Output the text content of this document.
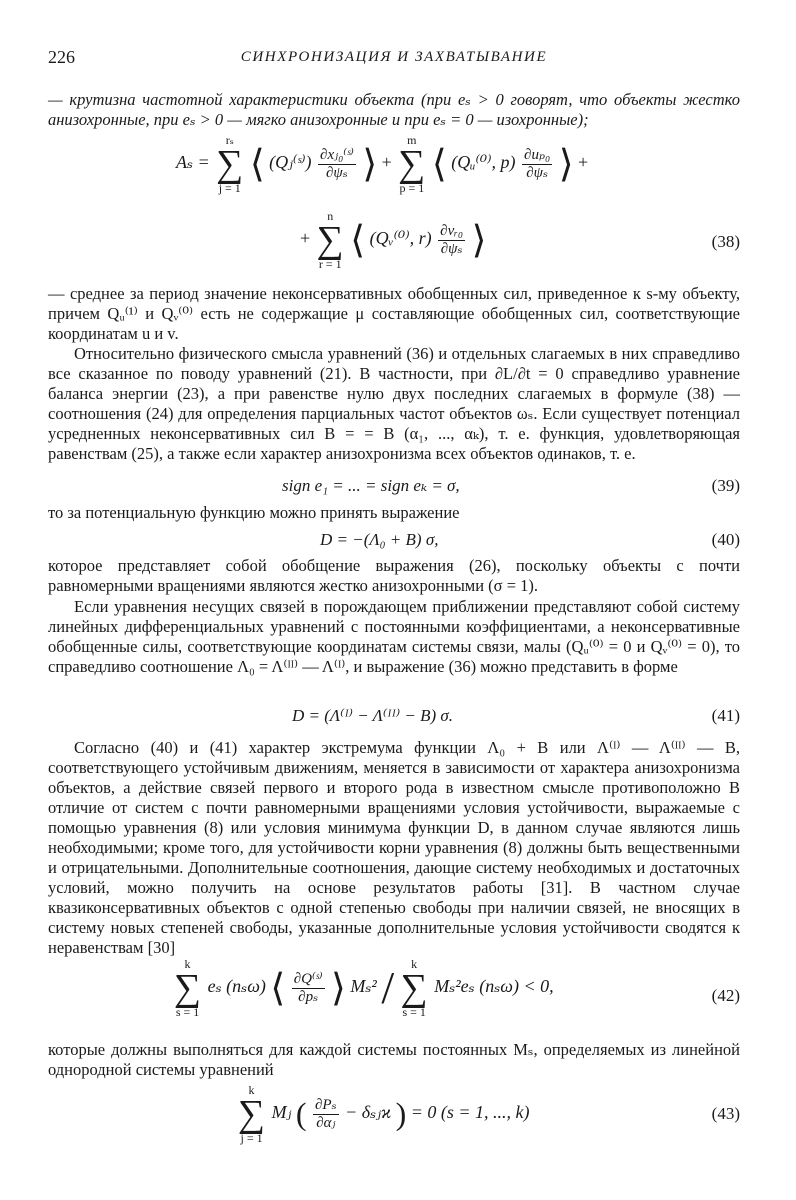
226	СИНХРОНИЗАЦИЯ И ЗАХВАТЫВАНИЕ

— крутизна частотной характеристики объекта (при eₛ > 0 говорят, что объекты жестко анизохронные, при eₛ > 0 — мягко анизохронные и при eₛ = 0 — изохронные);

Aₛ = rₛ
∑
j = 1 ⟨ (Qⱼ⁽ˢ⁾) $\frac{\text{∂xⱼ₀⁽ˢ⁾}}{\text{∂ψₛ}}$ ⟩ + m
∑
p = 1 ⟨ (Qᵤ⁽⁰⁾, $p) \frac{\text{∂uₚ₀}}{\text{∂ψₛ}}$ ⟩ +
+ n
∑
r = 1 ⟨ (Qᵥ⁽⁰⁾, $r) \frac{\text{∂vᵣ₀}}{\text{∂ψₛ}}$ ⟩	(38)

— среднее за период значение неконсервативных обобщенных сил, приведенное к s-му объекту, причем Qᵤ⁽¹⁾ и Qᵥ⁽⁰⁾ есть не содержащие μ составляющие обобщенных сил, соответствующие координатам u и v.

Относительно физического смысла уравнений (36) и отдельных слагаемых в них справедливо все сказанное по поводу уравнений (21). В частности, при ∂L/∂t = 0 справедливо уравнение баланса энергии (23), а при равенстве нулю двух последних слагаемых в формуле (38) — соотношения (24) для определения парциальных частот объектов ωₛ. Если существует потенциал усредненных неконсервативных сил B = = B (α₁, ..., αₖ), т. е. функция, удовлетворяющая равенствам (25), а также если характер анизохронизма всех объектов одинаков, т. е.

sign e₁ = ... = sign eₖ = σ,	(39)

то за потенциальную функцию можно принять выражение

D = −(Λ₀ + B) σ,	(40)

которое представляет собой обобщение выражения (26), поскольку объекты с почти равномерными вращениями являются жестко анизохронными (σ = 1).

Если уравнения несущих связей в порождающем приближении представляют собой систему линейных дифференциальных уравнений с постоянными коэффициентами, а неконсервативные обобщенные силы, соответствующие координатам системы связи, малы (Qᵤ⁽⁰⁾ = 0 и Qᵥ⁽⁰⁾ = 0), то справедливо соотношение Λ₀ = Λ⁽ᴵᴵ⁾ — Λ⁽ᴵ⁾, и выражение (36) можно представить в форме

D = (Λ⁽ᴵ⁾ − Λ⁽ᴵᴵ⁾ − B) σ.	(41)

Согласно (40) и (41) характер экстремума функции Λ₀ + B или Λ⁽ᴵ⁾ — Λ⁽ᴵᴵ⁾ — B, соответствующего устойчивым движениям, меняется в зависимости от характера анизохронизма объектов, а действие связей первого и второго рода в известном смысле противоположно В отличие от систем с почти равномерными вращениями условия устойчивости, выражаемые с помощью уравнения (8) или условия минимума функции D, в данном случае являются лишь необходимыми; кроме того, для устойчивости корни уравнения (8) должны быть вещественными и отрицательными. Дополнительные соотношения, дающие систему необходимых и достаточных условий, можно получить на основе результатов работы [31]. В частном случае квазиконсервативных объектов с одной степенью свободы при наличии связей, не вносящих в систему новых степеней свободы, указанные дополнительные условия устойчивости сводятся к неравенствам [30]

k
∑
s = 1 eₛ (nₛω) ⟨ $\frac{\text{∂Q⁽ˢ⁾}}{\text{∂pₛ}}$ ⟩ Mₛ² / k
∑
s = 1 Mₛ²eₛ (nₛω) < 0,	(42)

которые должны выполняться для каждой системы постоянных Mₛ, определяемых из линейной однородной системы уравнений

k
∑
j = 1 Mⱼ ( $\frac{\text{∂Pₛ}}{\text{∂αⱼ}}$ − δₛⱼϰ ) = 0 (s = 1, ..., k)	(43)
